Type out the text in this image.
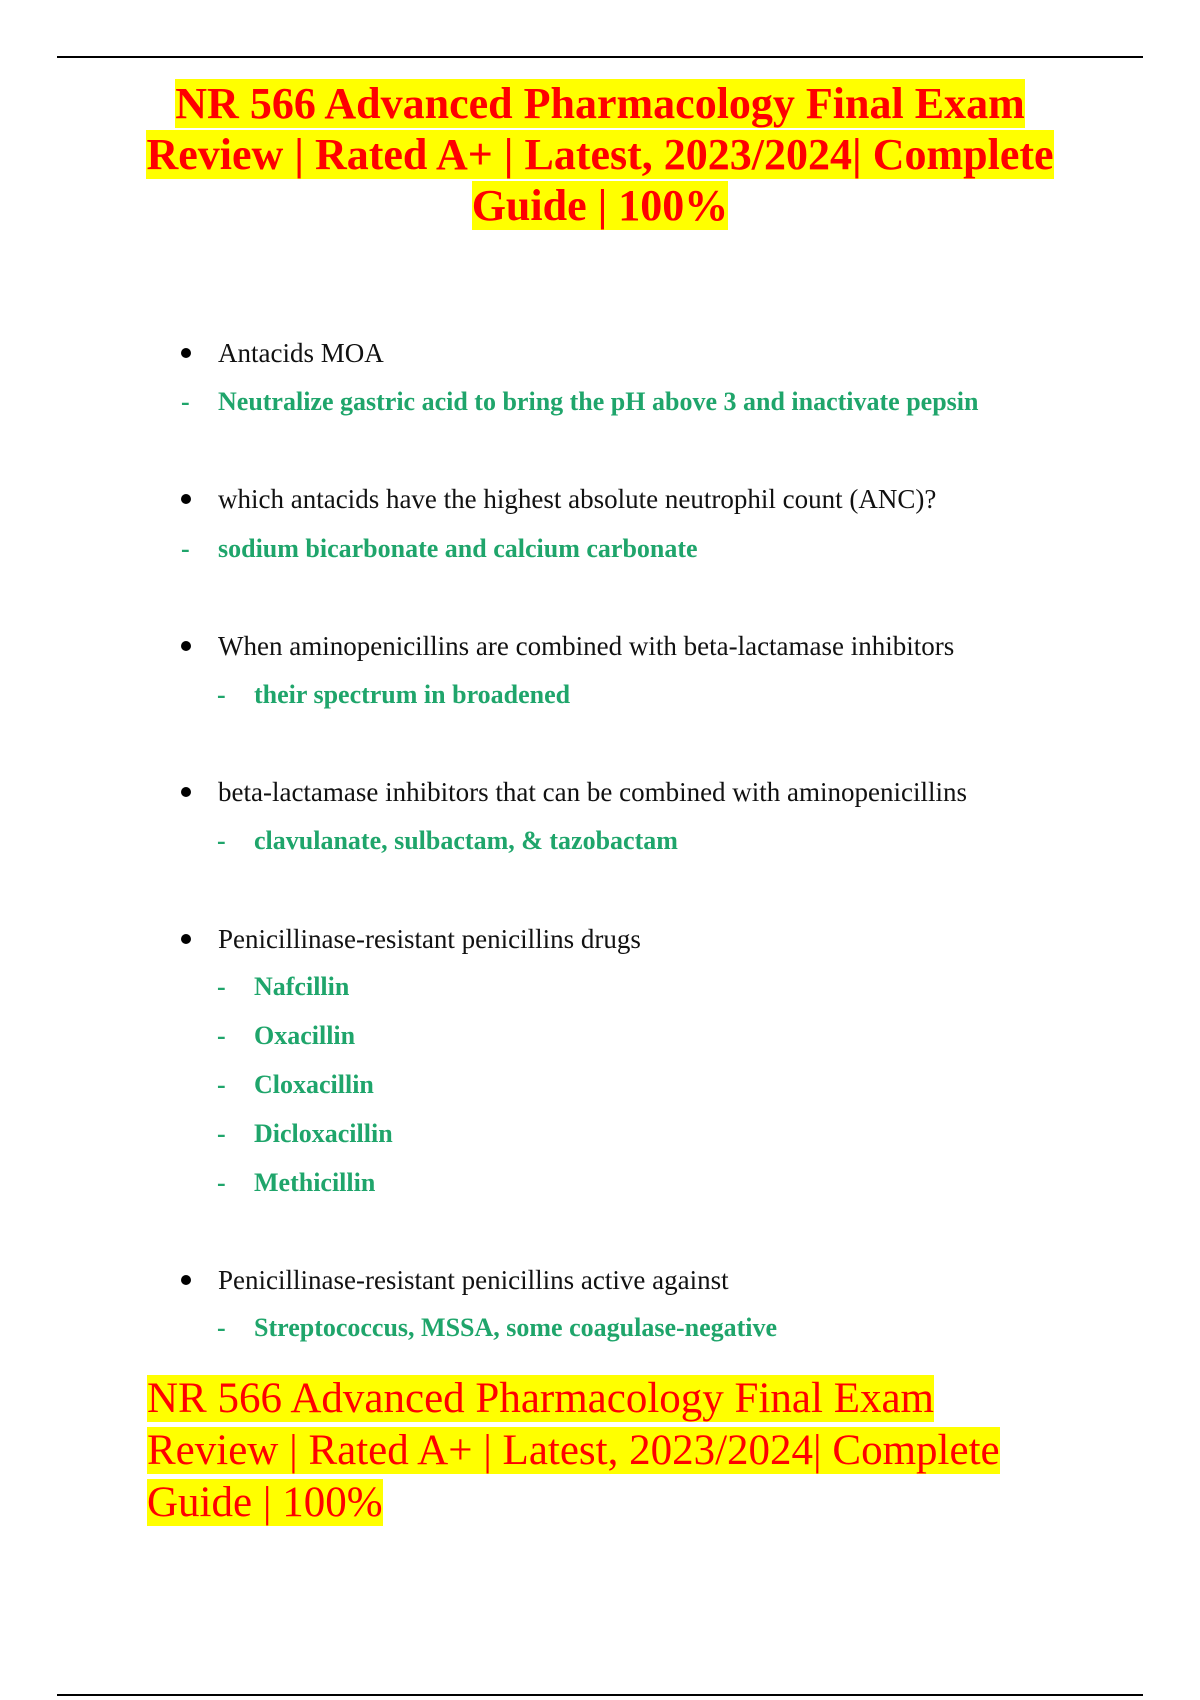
NR 566 Advanced Pharmacology Final Exam
Review | Rated A+ | Latest, 2023/2024| Complete
Guide | 100%
Antacids MOA
- Neutralize gastric acid to bring the pH above 3 and inactivate pepsin
which antacids have the highest absolute neutrophil count (ANC)?
- sodium bicarbonate and calcium carbonate
When aminopenicillins are combined with beta-lactamase inhibitors
- their spectrum in broadened
beta-lactamase inhibitors that can be combined with aminopenicillins
- clavulanate, sulbactam, & tazobactam
Penicillinase-resistant penicillins drugs
- Nafcillin
- Oxacillin
- Cloxacillin
- Dicloxacillin
- Methicillin
Penicillinase-resistant penicillins active against
- Streptococcus, MSSA, some coagulase-negative
NR 566 Advanced Pharmacology Final Exam
Review | Rated A+ | Latest, 2023/2024| Complete
Guide | 100%
